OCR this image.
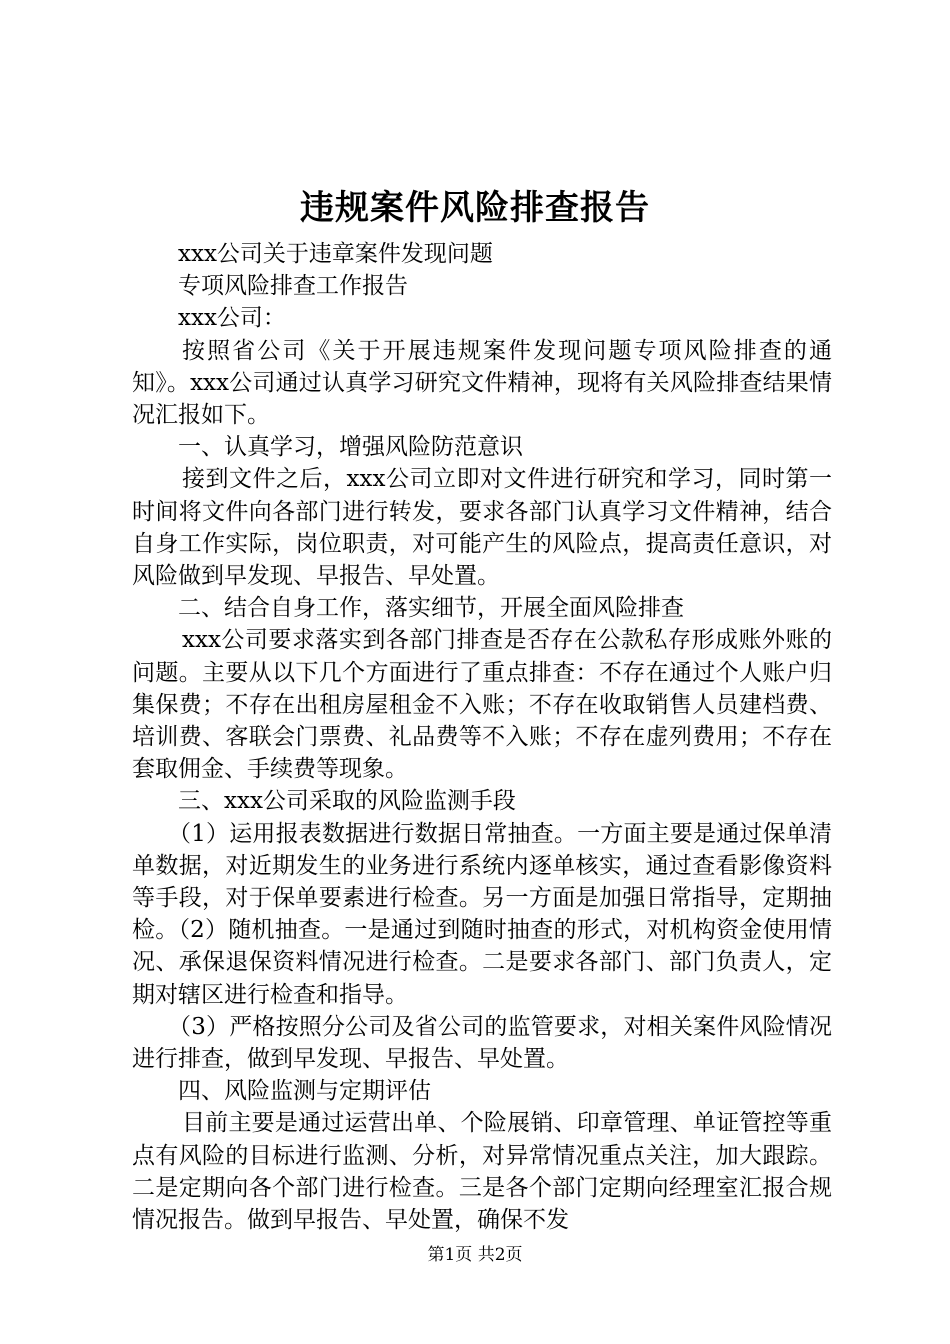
违规案件风险排查报告

xxx公司关于违章案件发现问题

专项风险排查工作报告

xxx公司：

按照省公司《关于开展违规案件发现问题专项风险排查的通知》。xxx公司通过认真学习研究文件精神，现将有关风险排查结果情况汇报如下。

一、认真学习，增强风险防范意识

接到文件之后，xxx公司立即对文件进行研究和学习，同时第一时间将文件向各部门进行转发，要求各部门认真学习文件精神，结合自身工作实际，岗位职责，对可能产生的风险点，提高责任意识，对风险做到早发现、早报告、早处置。

二、结合自身工作，落实细节，开展全面风险排查

xxx公司要求落实到各部门排查是否存在公款私存形成账外账的问题。主要从以下几个方面进行了重点排查：不存在通过个人账户归集保费；不存在出租房屋租金不入账；不存在收取销售人员建档费、培训费、客联会门票费、礼品费等不入账；不存在虚列费用；不存在套取佣金、手续费等现象。

三、xxx公司采取的风险监测手段

（1）运用报表数据进行数据日常抽查。一方面主要是通过保单清单数据，对近期发生的业务进行系统内逐单核实，通过查看影像资料等手段，对于保单要素进行检查。另一方面是加强日常指导，定期抽检。（2）随机抽查。一是通过到随时抽查的形式，对机构资金使用情况、承保退保资料情况进行检查。二是要求各部门、部门负责人，定期对辖区进行检查和指导。

（3）严格按照分公司及省公司的监管要求，对相关案件风险情况进行排查，做到早发现、早报告、早处置。

四、风险监测与定期评估

目前主要是通过运营出单、个险展销、印章管理、单证管控等重点有风险的目标进行监测、分析，对异常情况重点关注，加大跟踪。二是定期向各个部门进行检查。三是各个部门定期向经理室汇报合规情况报告。做到早报告、早处置，确保不发

第1页 共2页
